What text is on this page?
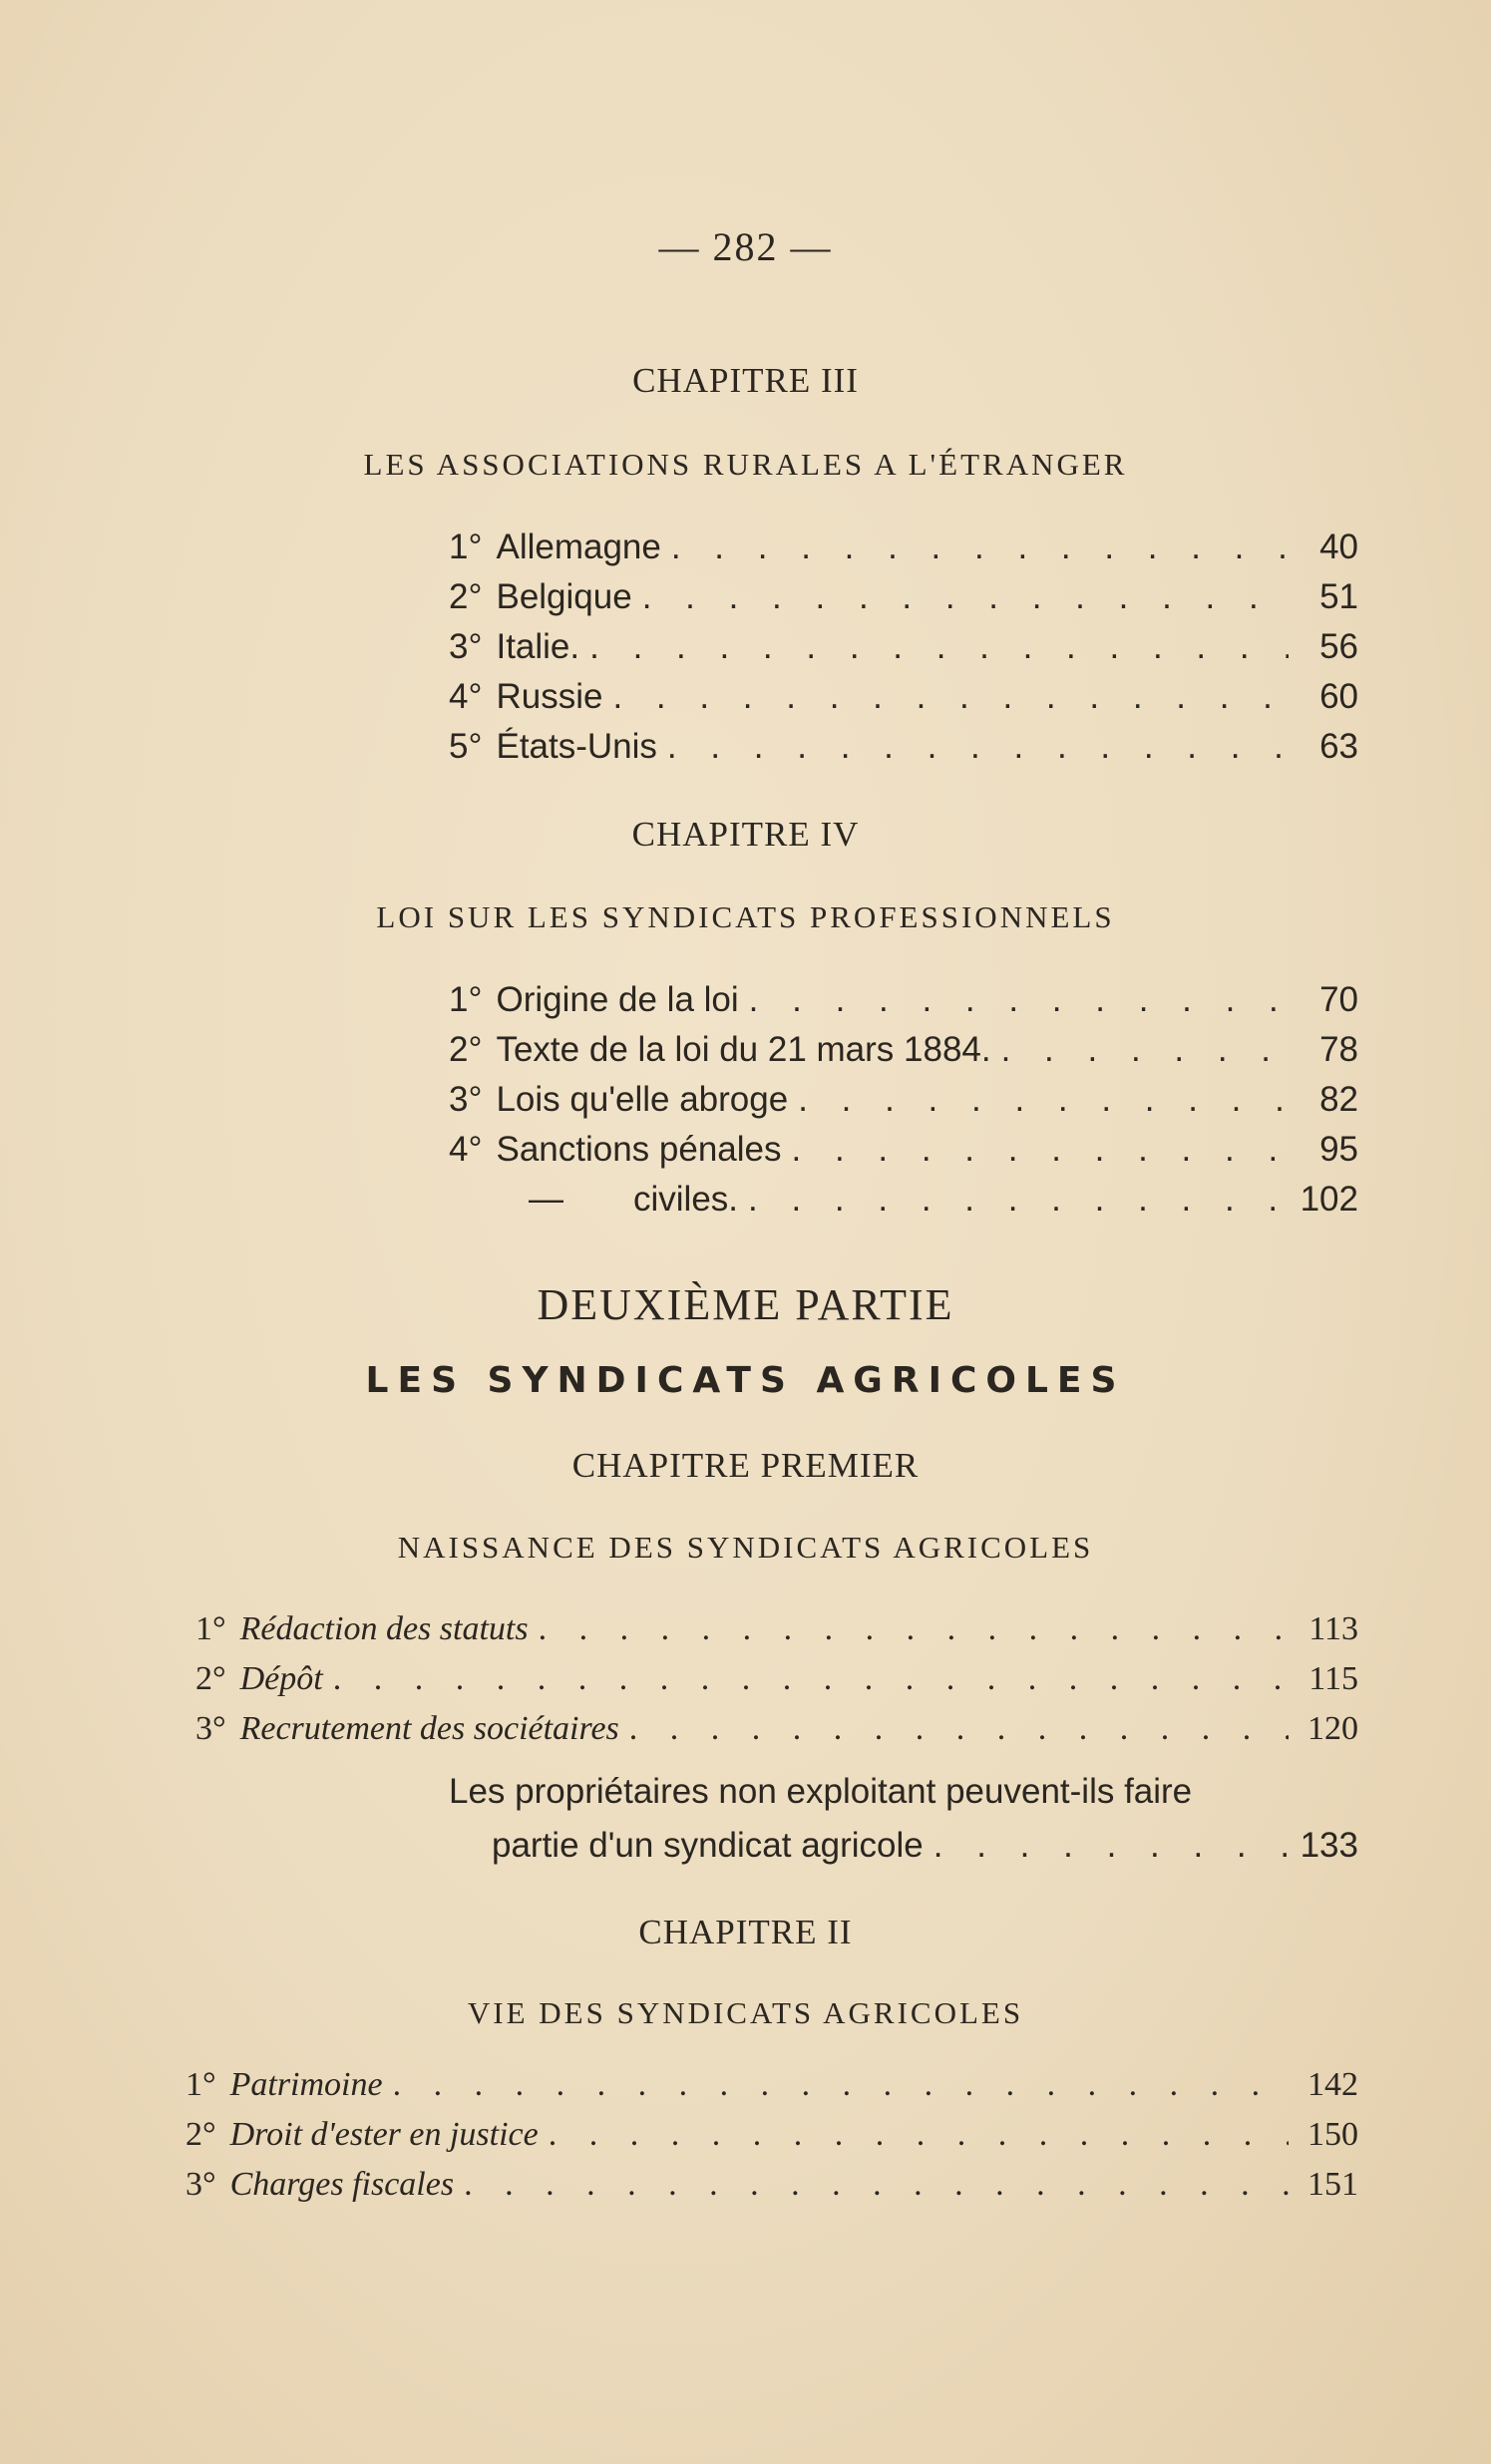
— 282 —
CHAPITRE III
LES ASSOCIATIONS RURALES A L'ÉTRANGER
1° Allemagne . . .	40
2° Belgique . . .	51
3° Italie. . . .	56
4° Russie . . .	60
5° États-Unis . . .	63
CHAPITRE IV
LOI SUR LES SYNDICATS PROFESSIONNELS
1° Origine de la loi . . .	70
2° Texte de la loi du 21 mars 1884. . . .	78
3° Lois qu'elle abroge . . .	82
4° Sanctions pénales . . .	95
— civiles. . . .	102
DEUXIÈME PARTIE
LES SYNDICATS AGRICOLES
CHAPITRE PREMIER
NAISSANCE DES SYNDICATS AGRICOLES
1° Rédaction des statuts . . .	113
2° Dépôt . . .	115
3° Recrutement des sociétaires . . .	120
Les propriétaires non exploitant peuvent-ils faire
partie d'un syndicat agricole . . .	133
CHAPITRE II
VIE DES SYNDICATS AGRICOLES
1° Patrimoine . . .	142
2° Droit d'ester en justice . . .	150
3° Charges fiscales . . .	151
